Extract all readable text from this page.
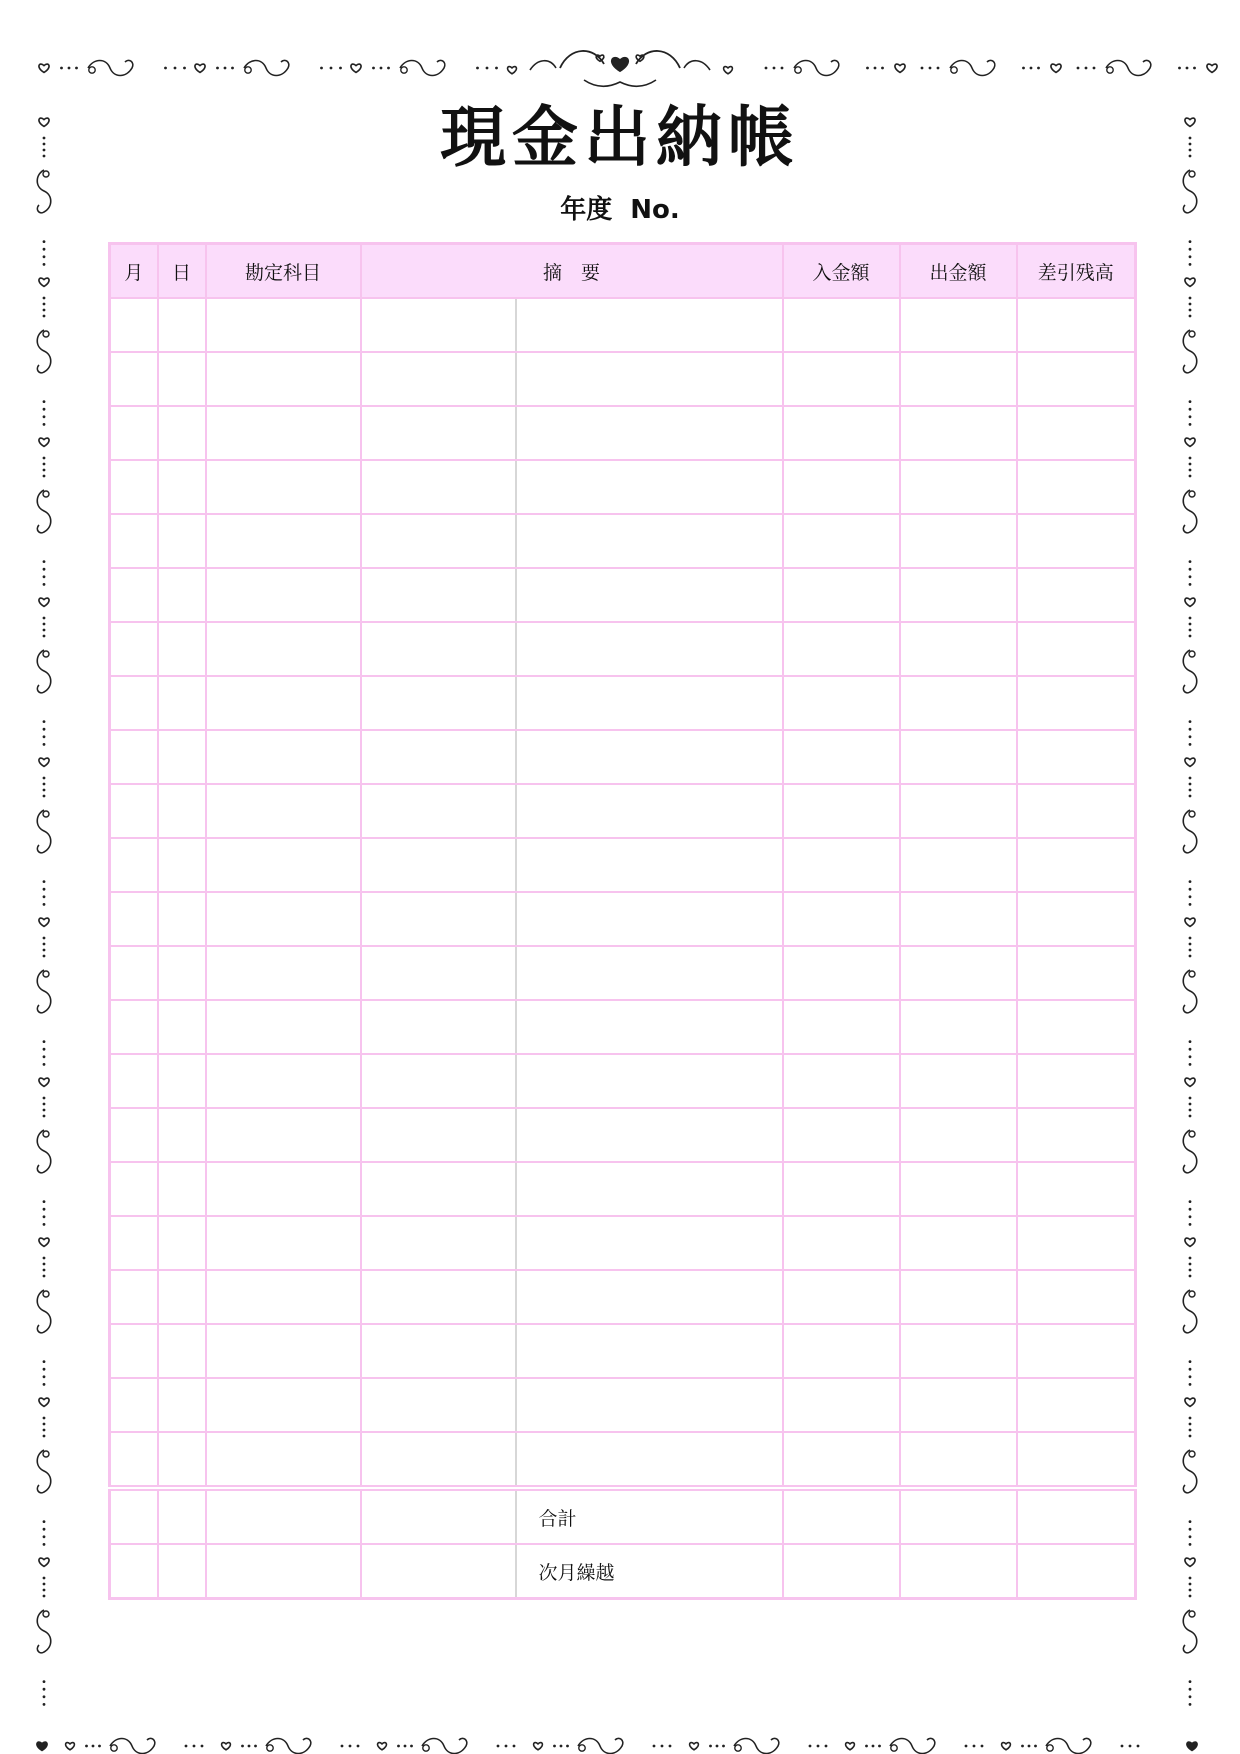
現金出納帳
年度 No.
月	日	勘定科目	摘　要		入金額	出金額	差引残高

				合計			
				次月繰越			
